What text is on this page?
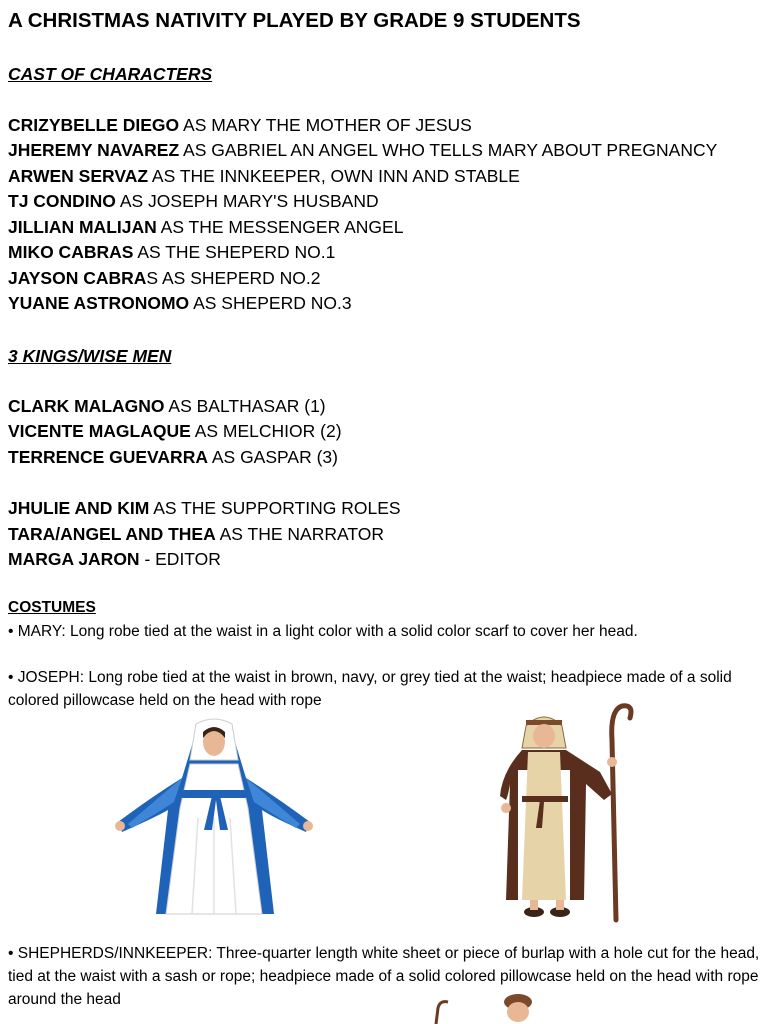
A CHRISTMAS NATIVITY PLAYED BY GRADE 9 STUDENTS
CAST OF CHARACTERS
CRIZYBELLE DIEGO AS MARY THE MOTHER OF JESUS
JHEREMY NAVAREZ AS GABRIEL AN ANGEL WHO TELLS MARY ABOUT PREGNANCY
ARWEN SERVAZ AS THE INNKEEPER, OWN INN AND STABLE
TJ CONDINO AS JOSEPH MARY'S HUSBAND
JILLIAN MALIJAN AS THE MESSENGER ANGEL
MIKO CABRAS AS THE SHEPERD NO.1
JAYSON CABRAS AS SHEPERD NO.2
YUANE ASTRONOMO AS SHEPERD NO.3
3 KINGS/WISE MEN
CLARK MALAGNO AS BALTHASAR (1)
VICENTE MAGLAQUE AS MELCHIOR (2)
TERRENCE GUEVARRA AS GASPAR (3)
JHULIE AND KIM AS THE SUPPORTING ROLES
TARA/ANGEL AND THEA AS THE NARRATOR
MARGA JARON - EDITOR
COSTUMES
• MARY: Long robe tied at the waist in a light color with a solid color scarf to cover her head.
• JOSEPH: Long robe tied at the waist in brown, navy, or grey tied at the waist; headpiece made of a solid colored pillowcase held on the head with rope
• SHEPHERDS/INNKEEPER: Three-quarter length white sheet or piece of burlap with a hole cut for the head, tied at the waist with a sash or rope; headpiece made of a solid colored pillowcase held on the head with rope around the head
